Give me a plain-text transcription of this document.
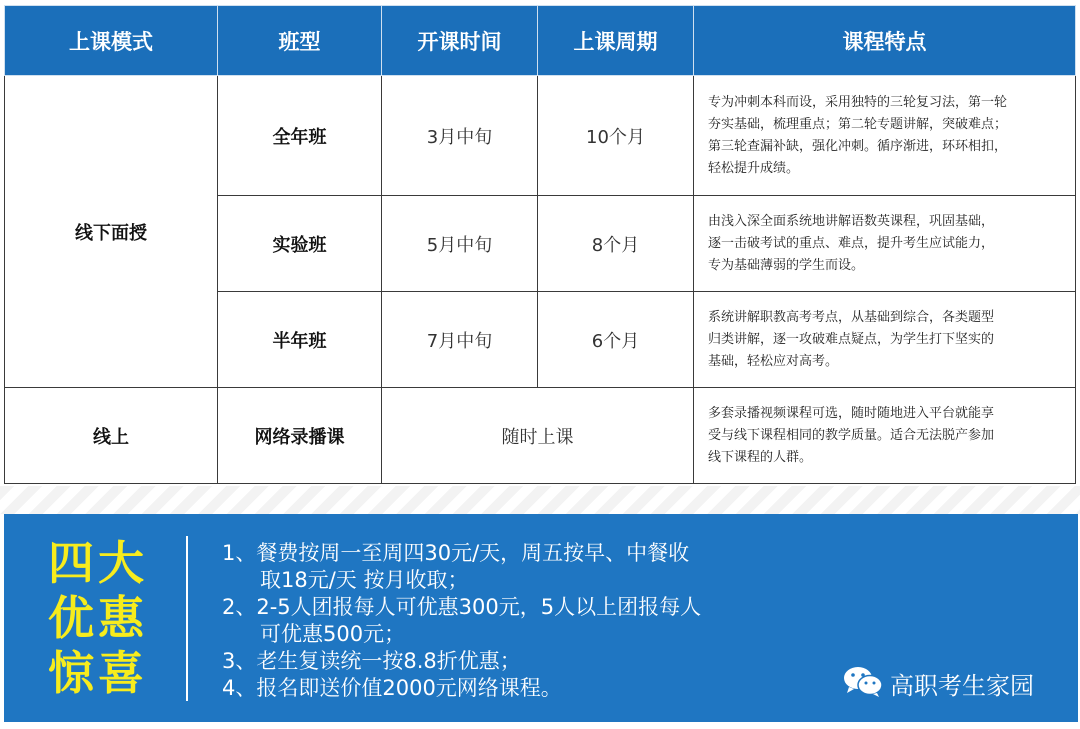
上课模式	班型	开课时间	上课周期	课程特点
线下面授	全年班	3月中旬	10个月	专为冲刺本科而设，采用独特的三轮复习法，第一轮
夯实基础，梳理重点；第二轮专题讲解，突破难点；
第三轮查漏补缺，强化冲刺。循序渐进，环环相扣，
轻松提升成绩。

	实验班	5月中旬	8个月	由浅入深全面系统地讲解语数英课程，巩固基础，
逐一击破考试的重点、难点，提升考生应试能力，
专为基础薄弱的学生而设。

	半年班	7月中旬	6个月	系统讲解职教高考考点，从基础到综合，各类题型
归类讲解，逐一攻破难点疑点，为学生打下坚实的
基础，轻松应对高考。

线上	网络录播课	随时上课		多套录播视频课程可选，随时随地进入平台就能享
受与线下课程相同的教学质量。适合无法脱产参加
线下课程的人群。
四大
优惠
惊喜
1、餐费按周一至周四30元/天，周五按早、中餐收
取18元/天 按月收取；
2、2-5人团报每人可优惠300元，5人以上团报每人
可优惠500元；
3、老生复读统一按8.8折优惠；
4、报名即送价值2000元网络课程。	高职考生家园
